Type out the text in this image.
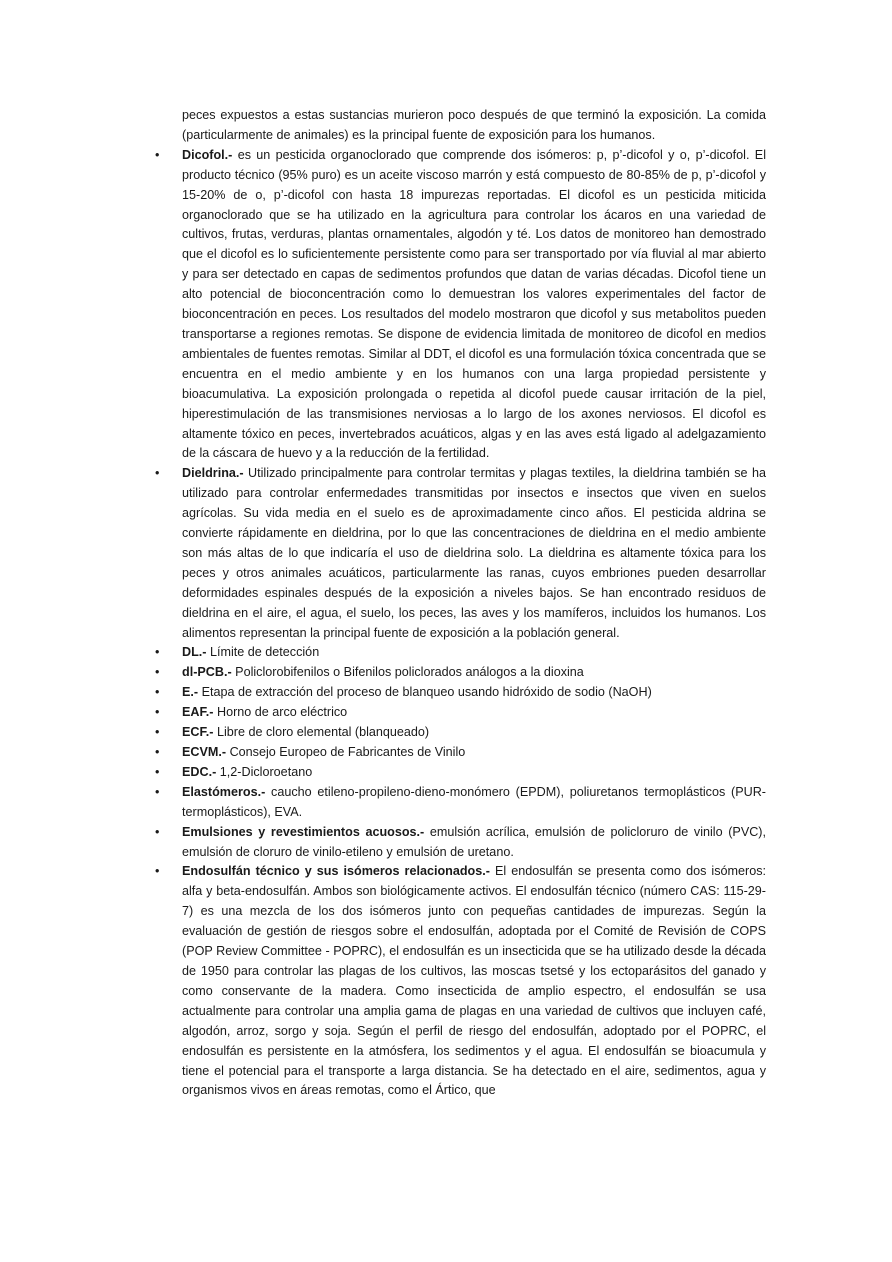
peces expuestos a estas sustancias murieron poco después de que terminó la exposición. La comida (particularmente de animales) es la principal fuente de exposición para los humanos.

•	Dicofol.- es un pesticida organoclorado que comprende dos isómeros: p, p’-dicofol y o, p’-dicofol. El producto técnico (95% puro) es un aceite viscoso marrón y está compuesto de 80-85% de p, p’-dicofol y 15-20% de o, p’-dicofol con hasta 18 impurezas reportadas. El dicofol es un pesticida miticida organoclorado que se ha utilizado en la agricultura para controlar los ácaros en una variedad de cultivos, frutas, verduras, plantas ornamentales, algodón y té. Los datos de monitoreo han demostrado que el dicofol es lo suficientemente persistente como para ser transportado por vía fluvial al mar abierto y para ser detectado en capas de sedimentos profundos que datan de varias décadas. Dicofol tiene un alto potencial de bioconcentración como lo demuestran los valores experimentales del factor de bioconcentración en peces. Los resultados del modelo mostraron que dicofol y sus metabolitos pueden transportarse a regiones remotas. Se dispone de evidencia limitada de monitoreo de dicofol en medios ambientales de fuentes remotas. Similar al DDT, el dicofol es una formulación tóxica concentrada que se encuentra en el medio ambiente y en los humanos con una larga propiedad persistente y bioacumulativa. La exposición prolongada o repetida al dicofol puede causar irritación de la piel, hiperestimulación de las transmisiones nerviosas a lo largo de los axones nerviosos. El dicofol es altamente tóxico en peces, invertebrados acuáticos, algas y en las aves está ligado al adelgazamiento de la cáscara de huevo y a la reducción de la fertilidad.
•	Dieldrina.- Utilizado principalmente para controlar termitas y plagas textiles, la dieldrina también se ha utilizado para controlar enfermedades transmitidas por insectos e insectos que viven en suelos agrícolas. Su vida media en el suelo es de aproximadamente cinco años. El pesticida aldrina se convierte rápidamente en dieldrina, por lo que las concentraciones de dieldrina en el medio ambiente son más altas de lo que indicaría el uso de dieldrina solo. La dieldrina es altamente tóxica para los peces y otros animales acuáticos, particularmente las ranas, cuyos embriones pueden desarrollar deformidades espinales después de la exposición a niveles bajos. Se han encontrado residuos de dieldrina en el aire, el agua, el suelo, los peces, las aves y los mamíferos, incluidos los humanos. Los alimentos representan la principal fuente de exposición a la población general.
•	DL.- Límite de detección
•	dl-PCB.- Policlorobifenilos o Bifenilos policlorados análogos a la dioxina
•	E.- Etapa de extracción del proceso de blanqueo usando hidróxido de sodio (NaOH)
•	EAF.- Horno de arco eléctrico
•	ECF.- Libre de cloro elemental (blanqueado)
•	ECVM.- Consejo Europeo de Fabricantes de Vinilo
•	EDC.- 1,2-Dicloroetano
•	Elastómeros.- caucho etileno-propileno-dieno-monómero (EPDM), poliuretanos termoplásticos (PUR-termoplásticos), EVA.
•	Emulsiones y revestimientos acuosos.- emulsión acrílica, emulsión de policloruro de vinilo (PVC), emulsión de cloruro de vinilo-etileno y emulsión de uretano.
•	Endosulfán técnico y sus isómeros relacionados.- El endosulfán se presenta como dos isómeros: alfa y beta-endosulfán. Ambos son biológicamente activos. El endosulfán técnico (número CAS: 115-29-7) es una mezcla de los dos isómeros junto con pequeñas cantidades de impurezas. Según la evaluación de gestión de riesgos sobre el endosulfán, adoptada por el Comité de Revisión de COPS (POP Review Committee - POPRC), el endosulfán es un insecticida que se ha utilizado desde la década de 1950 para controlar las plagas de los cultivos, las moscas tsetsé y los ectoparásitos del ganado y como conservante de la madera. Como insecticida de amplio espectro, el endosulfán se usa actualmente para controlar una amplia gama de plagas en una variedad de cultivos que incluyen café, algodón, arroz, sorgo y soja. Según el perfil de riesgo del endosulfán, adoptado por el POPRC, el endosulfán es persistente en la atmósfera, los sedimentos y el agua. El endosulfán se bioacumula y tiene el potencial para el transporte a larga distancia. Se ha detectado en el aire, sedimentos, agua y organismos vivos en áreas remotas, como el Ártico, que
